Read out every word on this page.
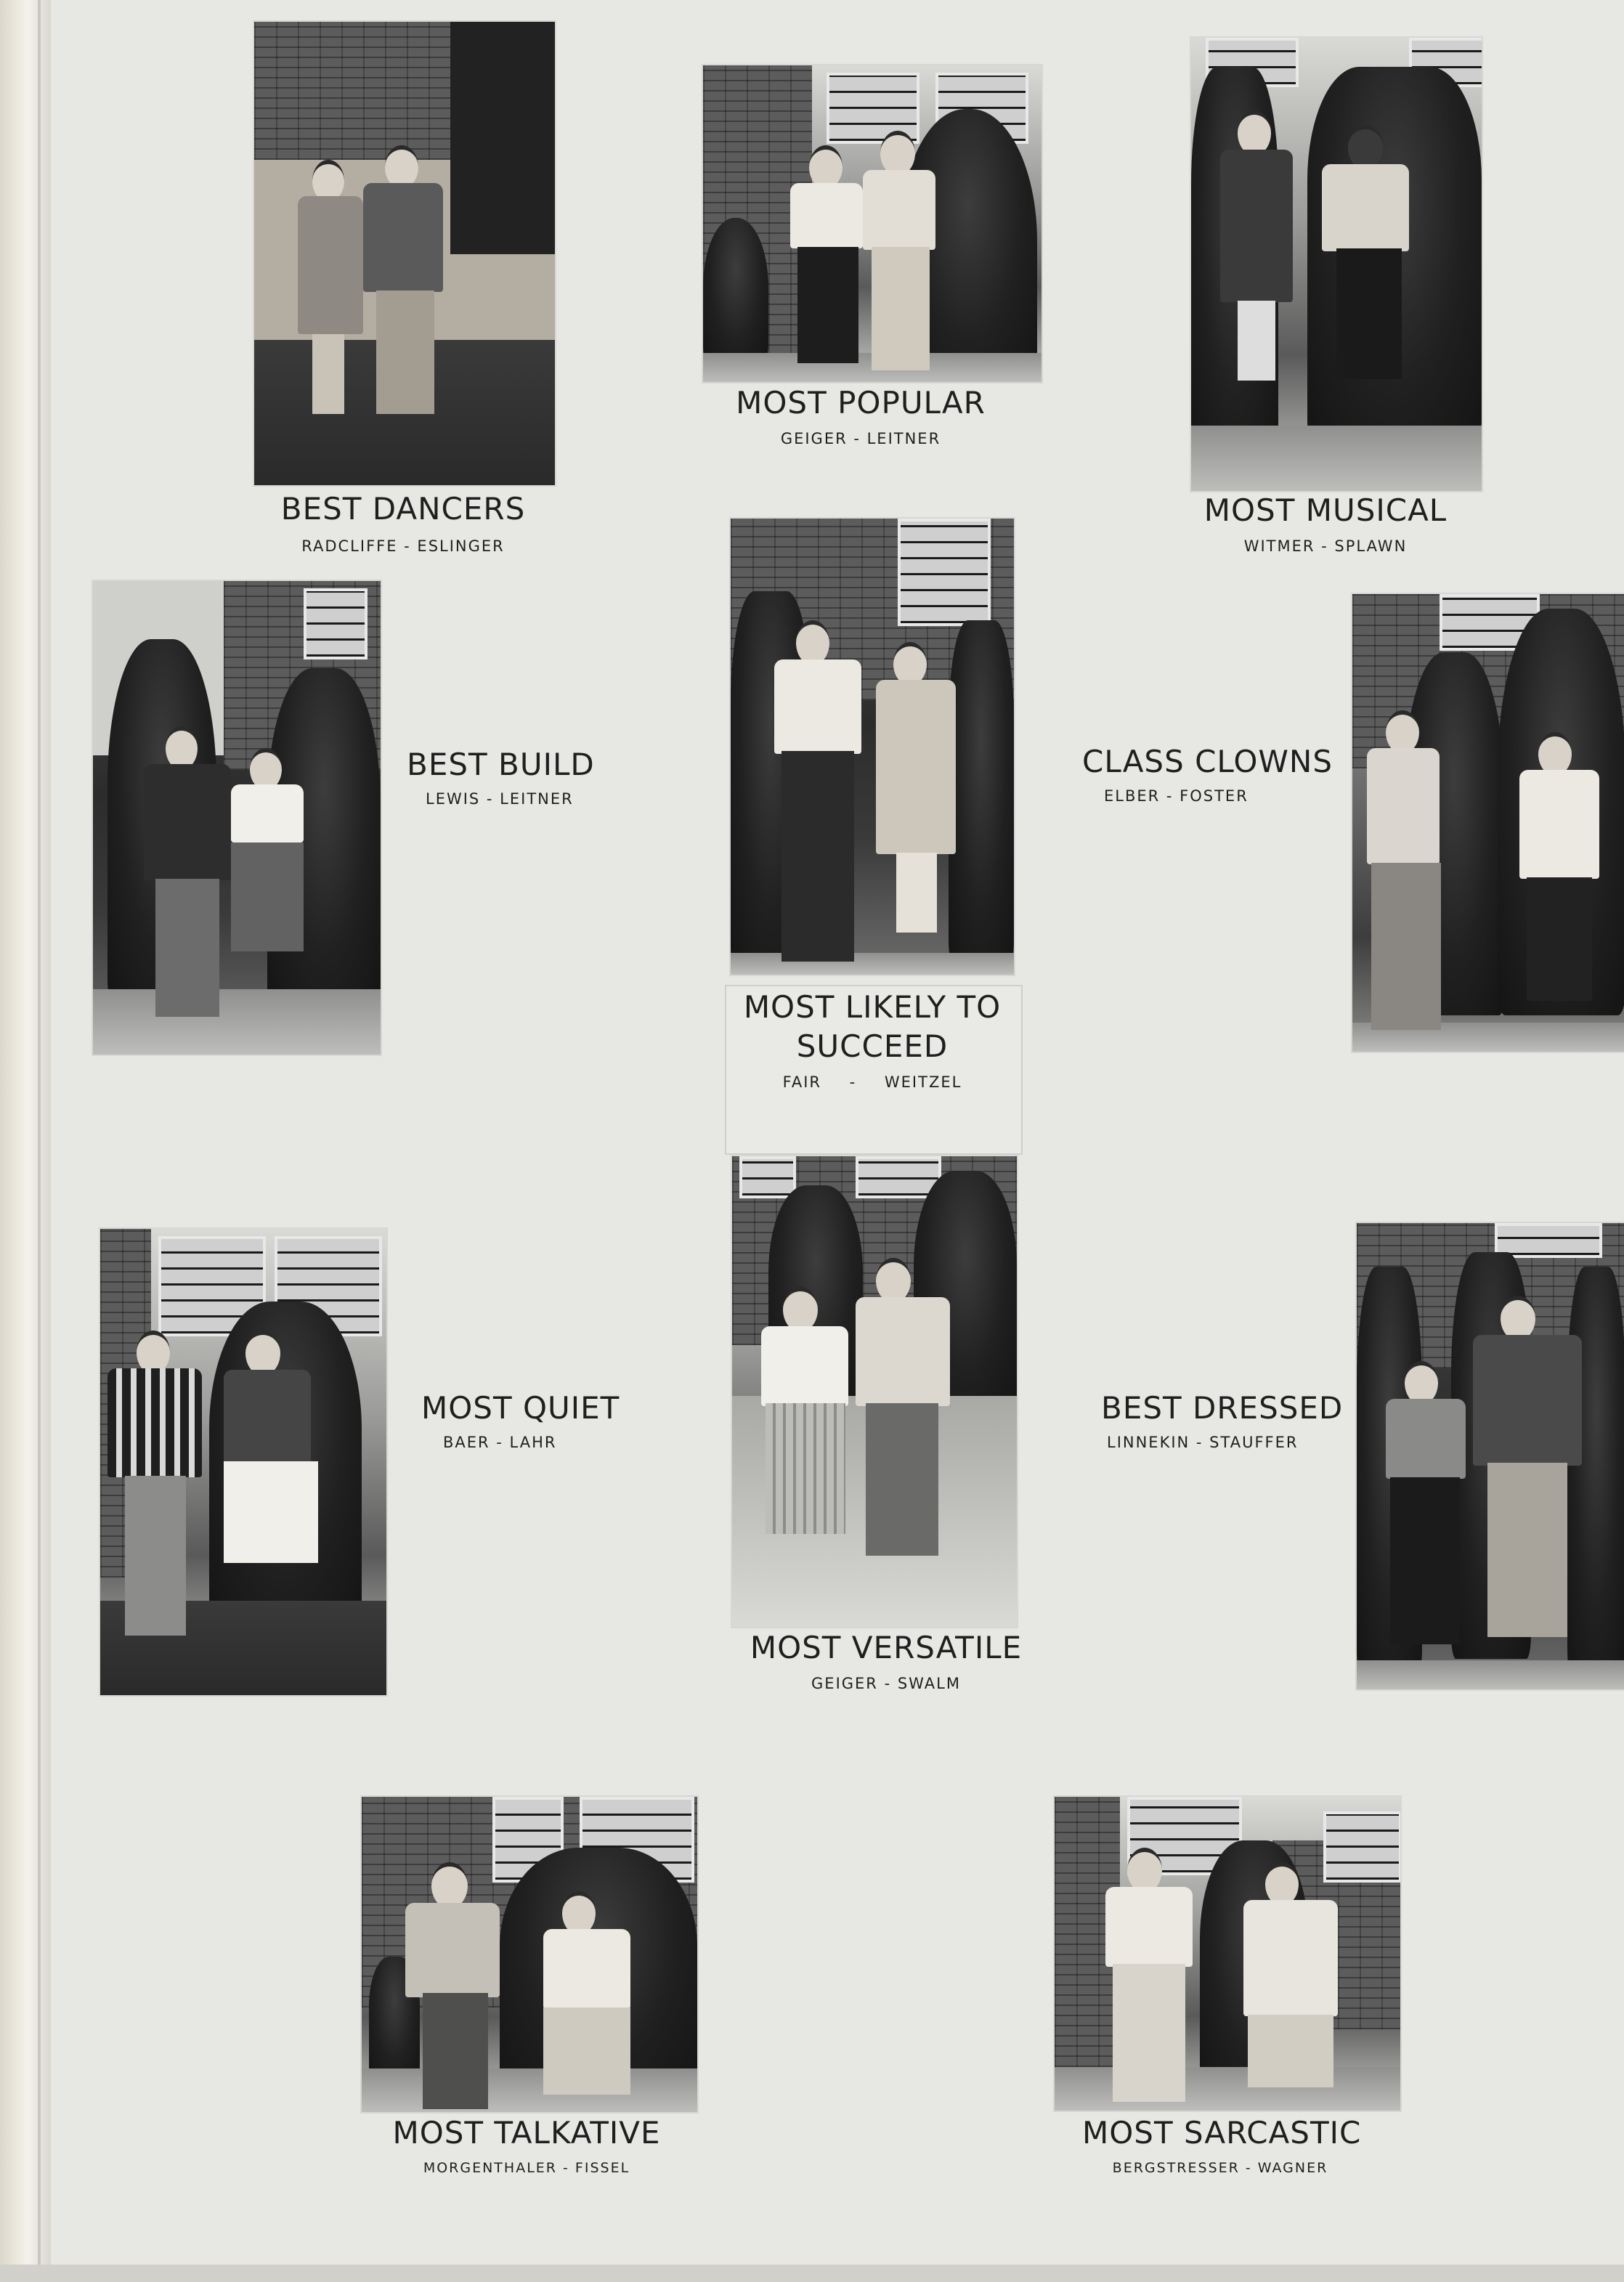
BEST DANCERS
RADCLIFFE - ESLINGER
MOST POPULAR
GEIGER - LEITNER
MOST MUSICAL
WITMER - SPLAWN
BEST BUILD
LEWIS - LEITNER
MOST LIKELY TO
SUCCEED
FAIR - WEITZEL
CLASS CLOWNS
ELBER - FOSTER
MOST QUIET
BAER - LAHR
MOST VERSATILE
GEIGER - SWALM
BEST DRESSED
LINNEKIN - STAUFFER
MOST TALKATIVE
MORGENTHALER - FISSEL
MOST SARCASTIC
BERGSTRESSER - WAGNER
